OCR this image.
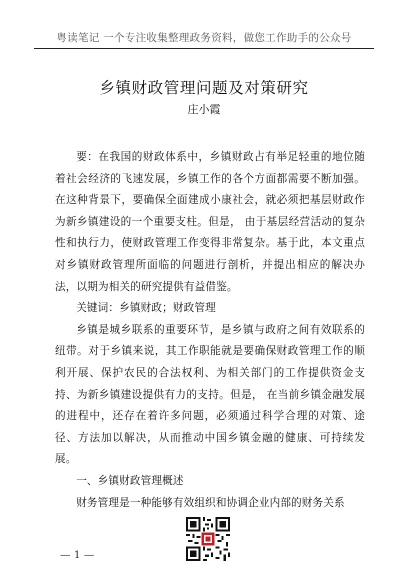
粤读笔记 一个专注收集整理政务资料，做您工作助手的公众号
乡镇财政管理问题及对策研究
庄小霞

要：在我国的财政体系中，乡镇财政占有举足轻重的地位随着社会经济的飞速发展，乡镇工作的各个方面都需要不断加强。在这种背景下，要确保全面建成小康社会，就必须把基层财政作为新乡镇建设的一个重要支柱。但是， 由于基层经营活动的复杂性和执行力，使财政管理工作变得非常复杂。基于此，本文重点对乡镇财政管理所面临的问题进行剖析，并提出相应的解决办法，以期为相关的研究提供有益借鉴。

关键词：乡镇财政；财政管理

乡镇是城乡联系的重要环节，是乡镇与政府之间有效联系的纽带。对于乡镇来说，其工作职能就是要确保财政管理工作的顺利开展、保护农民的合法权利、为相关部门的工作提供资金支持、为新乡镇建设提供有力的支持。但是， 在当前乡镇金融发展的进程中，还存在着许多问题，必须通过科学合理的对策、途径、方法加以解决，从而推动中国乡镇金融的健康、可持续发展。

一、乡镇财政管理概述

财务管理是一种能够有效组织和协调企业内部的财务关系

— 1 —
